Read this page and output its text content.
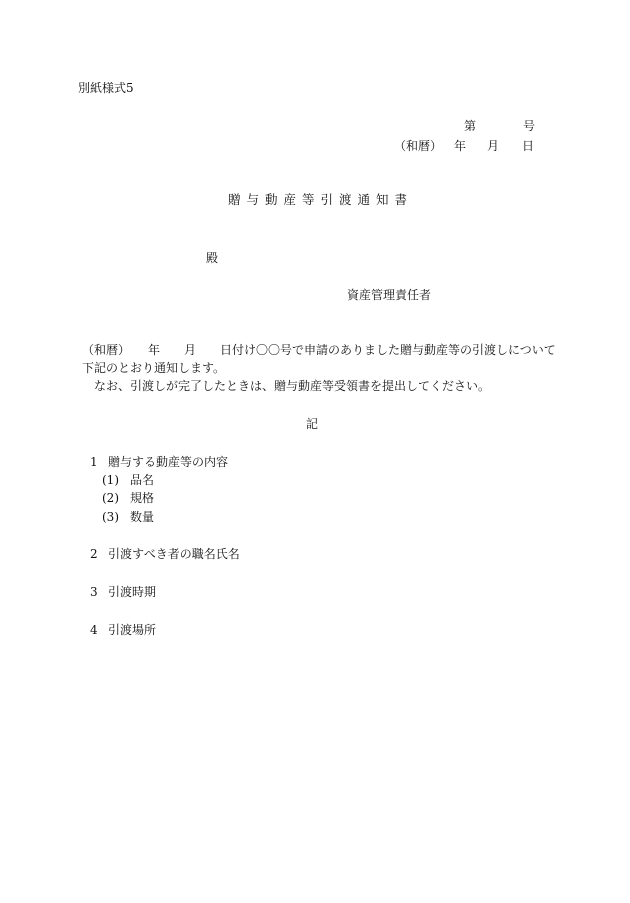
別紙様式5
第	号
（和暦） 年 月 日
贈与動産等引渡通知書
殿
資産管理責任者
（和暦）　　年　　月　　日付け〇〇号で申請のありました贈与動産等の引渡しについて
下記のとおり通知します。
　なお、引渡しが完了したときは、贈与動産等受領書を提出してください。
記
1 贈与する動産等の内容
(1) 品名
(2) 規格
(3) 数量
2 引渡すべき者の職名氏名
3 引渡時期
4 引渡場所
